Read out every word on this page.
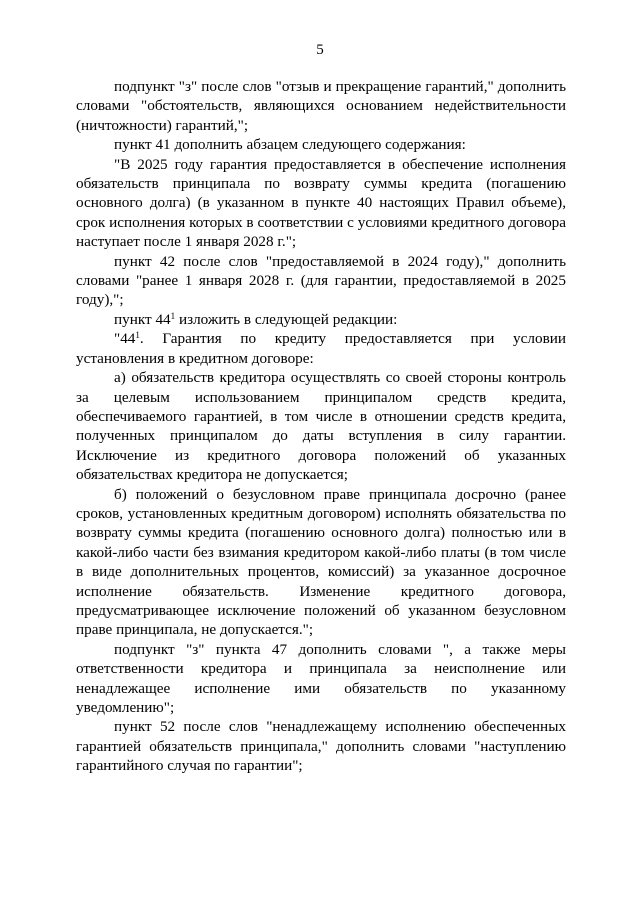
5

подпункт "з" после слов "отзыв и прекращение гарантий," дополнить словами "обстоятельств, являющихся основанием недействительности (ничтожности) гарантий,";

пункт 41 дополнить абзацем следующего содержания:

"В 2025 году гарантия предоставляется в обеспечение исполнения обязательств принципала по возврату суммы кредита (погашению основного долга) (в указанном в пункте 40 настоящих Правил объеме), срок исполнения которых в соответствии с условиями кредитного договора наступает после 1 января 2028 г.";

пункт 42 после слов "предоставляемой в 2024 году)," дополнить словами "ранее 1 января 2028 г. (для гарантии, предоставляемой в 2025 году),";

пункт $44^1$ изложить в следующей редакции:

"$44^1$. Гарантия по кредиту предоставляется при условии установления в кредитном договоре:

а) обязательств кредитора осуществлять со своей стороны контроль за целевым использованием принципалом средств кредита, обеспечиваемого гарантией, в том числе в отношении средств кредита, полученных принципалом до даты вступления в силу гарантии. Исключение из кредитного договора положений об указанных обязательствах кредитора не допускается;

б) положений о безусловном праве принципала досрочно (ранее сроков, установленных кредитным договором) исполнять обязательства по возврату суммы кредита (погашению основного долга) полностью или в какой-либо части без взимания кредитором какой-либо платы (в том числе в виде дополнительных процентов, комиссий) за указанное досрочное исполнение обязательств. Изменение кредитного договора, предусматривающее исключение положений об указанном безусловном праве принципала, не допускается.";

подпункт "з" пункта 47 дополнить словами ", а также меры ответственности кредитора и принципала за неисполнение или ненадлежащее исполнение ими обязательств по указанному уведомлению";

пункт 52 после слов "ненадлежащему исполнению обеспеченных гарантией обязательств принципала," дополнить словами "наступлению гарантийного случая по гарантии";
